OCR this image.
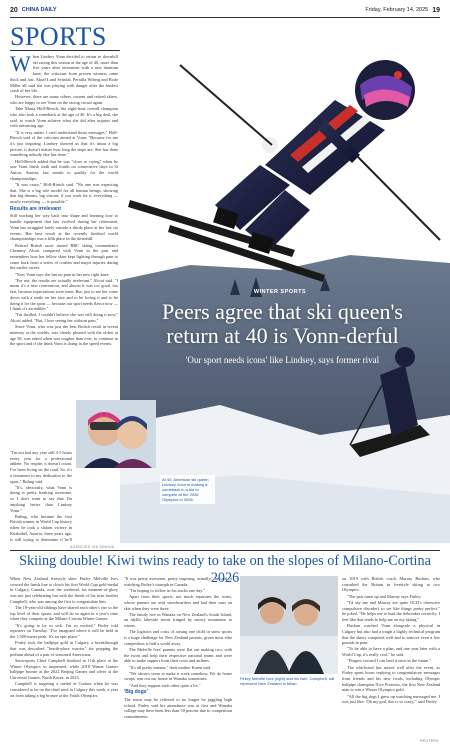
20 CHINA DAILY	Friday, February 14, 2025 19
SPORTS
WINTER SPORTS
Peers agree that ski queen's return at 40 is Vonn-derful
'Our sport needs icons' like Lindsey, says former rival
W hen Lindsey Vonn decided to return to downhill ski racing this season at the age of 40, more than five years after retirement with a new titanium knee, the criticism from proven winners came thick and fast. Aksel Lund Svindal, Pernilla Wiberg and Bode Miller all said she was playing with danger after the hardest crash of her life.

However, there are many others, current and retired skiers, who are happy to see Vonn on the racing circuit again.

Take Maria Höfl-Riesch, the eight-time overall champion who also took a comeback at the age of 40. It's a big deal, she said, to watch Vonn achieve what she did after injuries and with advancing age.

"It is very unfair. I can't understand those messages," Höfl-Riesch said of the criticism aimed at Vonn. "Because for me it's just inspiring. Lindsey showed us that it's about a big picture, it doesn't matter how long the steps are. She has done something nobody else has done."

Höfl-Riesch added that he was "close to crying" when he saw Vonn finish sixth and fourth on consecutive days in St Anton, Austria, last month to qualify for the world championships.

"It was crazy," Höfl-Riesch said. "No one was expecting that. She is a big role model for all human beings, showing that big dreams, big visions, if you work for it, everything — nearly everything — is possible."

Results are irrelevant

Still working her way back into shape and learning how to handle equipment that has evolved during her retirement, Vonn has struggled lately outside a thirds place at her last six events. Her best result at the recently finished world championships was a fifth place in the downhill.

Retired British racer turned BBC skiing commentator Chemmy Alcott compared with Vonn in the past and remembers how her fellow skier kept fighting through pain to come back from a series of crashes and major injuries during her earlier career.

"Now Vonn says she has no pain in her new right knee.

"For me, the results are actually irrelevant," Alcott said. "I mean it's a new reinvention, and almost it was too good, too fast, because expectations were risen. But, just to see her come down with a smile on her face and to be loving it and to be doing it for the sport — because our sport needs flavor now — I think it's incredible."

"I'm thrilled. I couldn't believe she was still doing it now," Alcott added. "But, I love seeing her without pain."

Since Vonn, who was just the best British result in recent memory at the worlds, was clearly pleased with the oldest at age 38, was asked when was tougher than ever, to continue in the sport and if she think Vonn is doing in the speed events.

"I'm not bad any year still 3-5 hours every year for a professional athlete. No respite, it doesn't count. I've been living on the road. So, it's a testament to my dedication to the sport," Ruling said.

"It's, obviously, what Vonn is doing is pretty freaking awesome, so I don't want to say that I'm anything better than Lindsey Vonn."

Ruling, who became the first British winner in World Cup history when he took a slalom victory in Kitzbühel, Austria, three years ago, is still trying to determine if he'll

At 40, American ski queen Lindsey Vonn is making a comeback in a bid to compete at the 2026 Olympics in 2026.
AGENCIES VIA XINHUA
Skiing double! Kiwi twins ready to take on the slopes of Milano-Cortina 2026

When New Zealand freestyle skier Finley Melville Ives crossed the finish line to clinch his first World Cup gold medal in Calgary, Canada, over the weekend, his moment-of-glory was not just celebrating but with the finish of his twin brother Campbell, who was among the first to congratulate him.

The 19-year-old siblings have shared each other's rise to the top level of their sports, and will do so again in a year's time when they compete at the Milano-Cortina Winter Games.

"It's going to be so sick, I'm so excited," Finley told reporters on Tuesday. "I've imagined where it will be held in the 1,500-meter peak. It's an epic place."

Finley took the halfpipe gold in Calgary, a breakthrough that was described "fourth-place warrior" for popping the podium ahead of a pair of seasoned Americans.

Snowsports Chief Campbell finished in 11th place at the Winter Olympics so impressed, while 2018 Winter Games halfpipe bronze at the 2022 Beijing Games and silver at the Universal Games, North Korea, in 2023.

Campbell is targeting a medal at Cortina when he was considered to be on the third seed in Calgary this week, a year on from taking a big bronze at the Youth Olympics.

"It was pretty awesome, pretty inspiring, actually," he said of watching Finley's triumph in Canada.

"I'm hoping to follow in his tracks one day."

Apart from their sports, not much separates the twins, whose parents are avid snowboarders and had their sons on skis when they were three.

The family live in Wanaka on New Zealand's South Island, an idyllic lakeside resort fringed by snowy mountains to winter.

The logistics and costs of raising one child in snow sports is a huge challenge for New Zealand parents, given most elite competition is half a world away.

The Melville Ives' parents were flat out making two, with the twins and help their respective national teams and were able to make support from their costs and airlines.

"It's all pretty intense," their mother Karen said.

"We always seem to make it work somehow. We do home swaps, rent out our house in Wanaka sometimes.

"And they support each other quite a lot."

'Big dogs'

The twins may be relieved to no longer be juggling high school. Finley said his attendance was at first and Wanaka college may have been less than 50 percent due to competition commitments.

Finley Melville Ives (right) and his twin, Campbell, will represent New Zealand in Milan.

on 2019 with British coach Murray Buchan, who consulted the Britain in freestyle skiing at two Olympics.

"The pair came up and Murray says Finley.

"I'd say me and Murray are quite OCD's obsessive compulsive disorder) so we like things pretty perfect," he joked. "He helps me to lead the tiebreaker correctly. I feel like that tends to help me on my skiing."

Buchan coached Vonn alongside a physical in Calgary but also had a tough a highly technical program that the skiers competed well and to remove even a few pounds in pain.

"To be able to have a plan, and one year later with a World Cup, it's really cool," he said.

"Fingers crossed I can land it once in the future."

The whirlwind has mixed well after the event, as Finley spent hours replying to congratulatory messages from friends and his new rivals, including Olympic halfpipe champion Nico Porteous, the first New Zealand man to win a Winter Olympics gold.

"All the big dogs I grew up watching messaged me. I was just like: 'Oh my god, this is so crazy,'" said Finley.

REUTERS
